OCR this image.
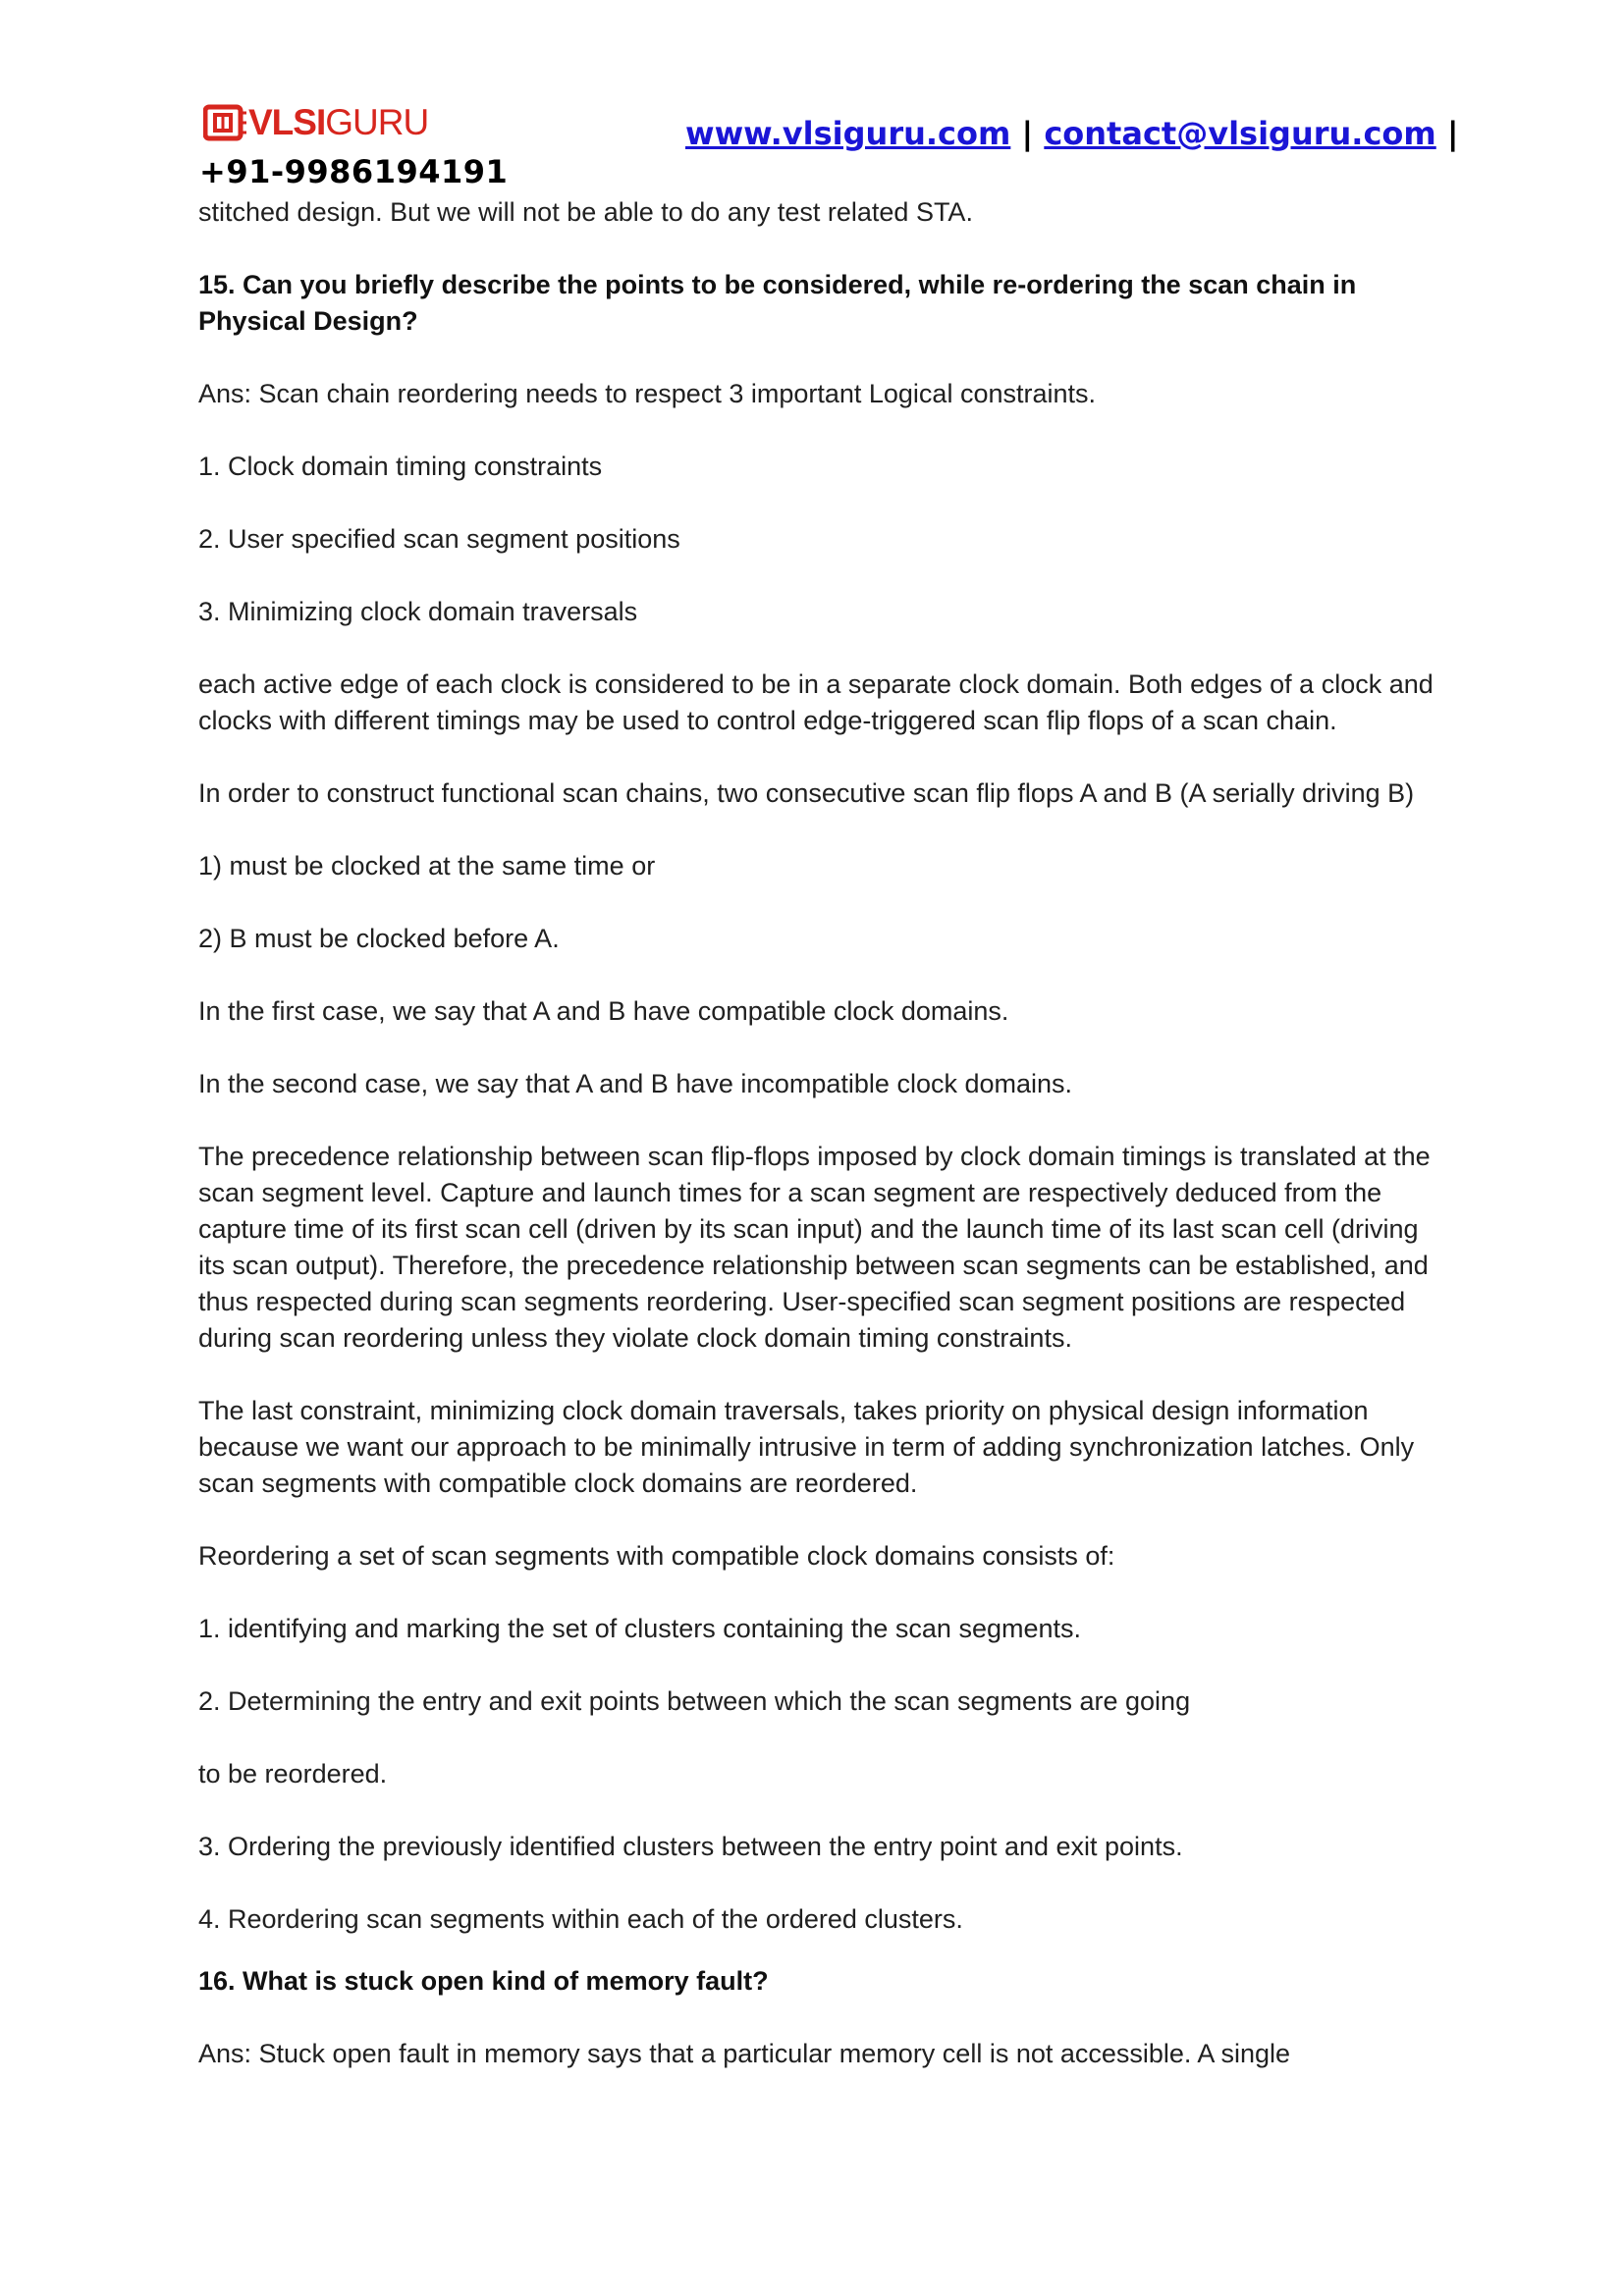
VLSIGURU	www.vlsiguru.com | contact@vlsiguru.com |
+91-9986194191

stitched design. But we will not be able to do any test related STA.

15. Can you briefly describe the points to be considered, while re-ordering the scan chain in Physical Design?

Ans: Scan chain reordering needs to respect 3 important Logical constraints.

1. Clock domain timing constraints

2. User specified scan segment positions

3. Minimizing clock domain traversals

each active edge of each clock is considered to be in a separate clock domain. Both edges of a clock and clocks with different timings may be used to control edge-triggered scan flip flops of a scan chain.

In order to construct functional scan chains, two consecutive scan flip flops A and B (A serially driving B)

1) must be clocked at the same time or

2) B must be clocked before A.

In the first case, we say that A and B have compatible clock domains.

In the second case, we say that A and B have incompatible clock domains.

The precedence relationship between scan flip-flops imposed by clock domain timings is translated at the scan segment level. Capture and launch times for a scan segment are respectively deduced from the capture time of its first scan cell (driven by its scan input) and the launch time of its last scan cell (driving its scan output). Therefore, the precedence relationship between scan segments can be established, and thus respected during scan segments reordering. User-specified scan segment positions are respected during scan reordering unless they violate clock domain timing constraints.

The last constraint, minimizing clock domain traversals, takes priority on physical design information because we want our approach to be minimally intrusive in term of adding synchronization latches. Only scan segments with compatible clock domains are reordered.

Reordering a set of scan segments with compatible clock domains consists of:

1. identifying and marking the set of clusters containing the scan segments.

2. Determining the entry and exit points between which the scan segments are going

to be reordered.

3. Ordering the previously identified clusters between the entry point and exit points.

4. Reordering scan segments within each of the ordered clusters.

16. What is stuck open kind of memory fault?

Ans: Stuck open fault in memory says that a particular memory cell is not accessible. A single
